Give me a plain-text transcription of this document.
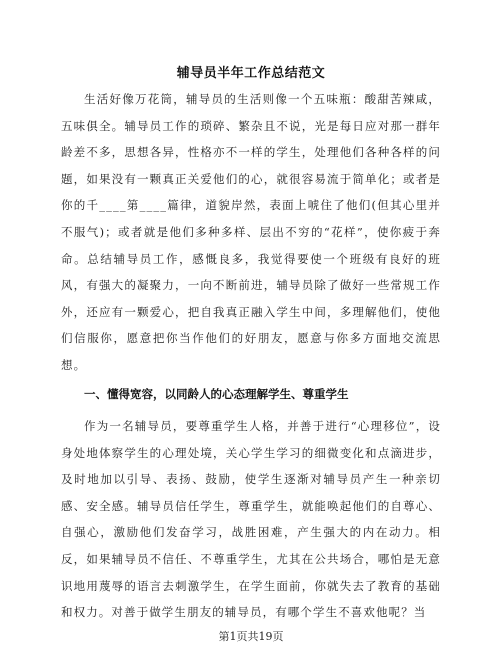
辅导员半年工作总结范文

生活好像万花筒，辅导员的生活则像一个五味瓶：酸甜苦辣咸，五味俱全。辅导员工作的琐碎、繁杂且不说，光是每日应对那一群年龄差不多，思想各异，性格亦不一样的学生，处理他们各种各样的问题，如果没有一颗真正关爱他们的心，就很容易流于简单化；或者是你的千____第____篇律，道貌岸然，表面上唬住了他们(但其心里并不服气)；或者就是他们多种多样、层出不穷的“花样”，使你疲于奔命。总结辅导员工作，感慨良多，我觉得要使一个班级有良好的班风，有强大的凝聚力，一向不断前进，辅导员除了做好一些常规工作外，还应有一颗爱心，把自我真正融入学生中间，多理解他们，使他们信服你，愿意把你当作他们的好朋友，愿意与你多方面地交流思想。

一、懂得宽容，以同龄人的心态理解学生、尊重学生

作为一名辅导员，要尊重学生人格，并善于进行“心理移位”，设身处地体察学生的心理处境，关心学生学习的细微变化和点滴进步，及时地加以引导、表扬、鼓励，使学生逐渐对辅导员产生一种亲切感、安全感。辅导员信任学生，尊重学生，就能唤起他们的自尊心、自强心，激励他们发奋学习，战胜困难，产生强大的内在动力。相反，如果辅导员不信任、不尊重学生，尤其在公共场合，哪怕是无意识地用蔑辱的语言去刺激学生，在学生面前，你就失去了教育的基础和权力。对善于做学生朋友的辅导员，有哪个学生不喜欢他呢？当

第1页共19页
